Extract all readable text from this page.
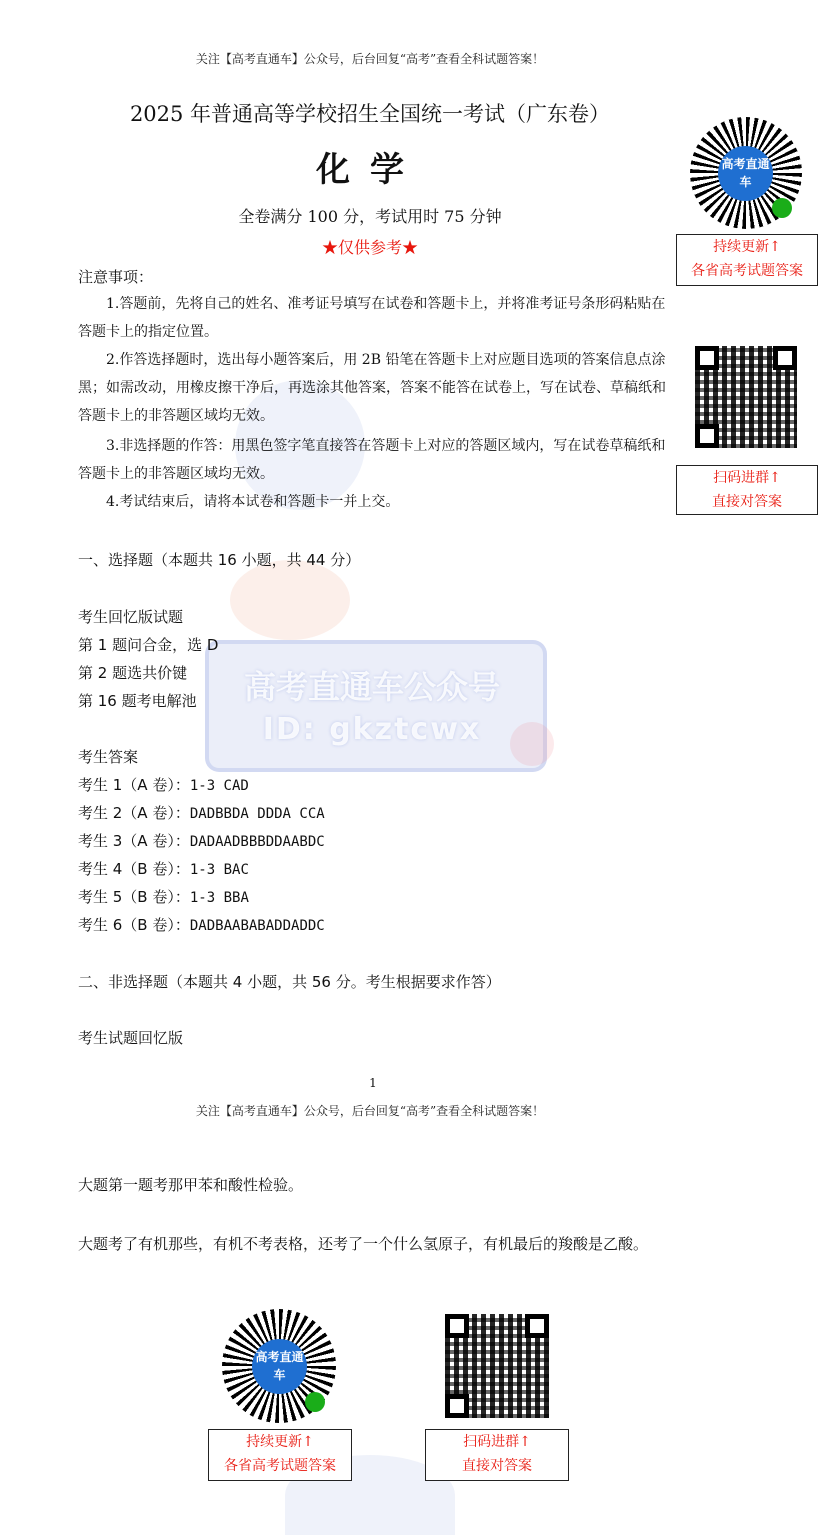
关注【高考直通车】公众号，后台回复“高考”查看全科试题答案！
2025 年普通高等学校招生全国统一考试（广东卷）
化学
全卷满分 100 分，考试用时 75 分钟
★仅供参考★
高考直通车公众号
ID: gkztcwx
注意事项：
1.答题前，先将自己的姓名、准考证号填写在试卷和答题卡上，并将准考证号条形码粘贴在答题卡上的指定位置。
2.作答选择题时，选出每小题答案后，用 2B 铅笔在答题卡上对应题目选项的答案信息点涂黑；如需改动，用橡皮擦干净后，再选涂其他答案，答案不能答在试卷上，写在试卷、草稿纸和答题卡上的非答题区域均无效。
3.非选择题的作答：用黑色签字笔直接答在答题卡上对应的答题区域内，写在试卷草稿纸和答题卡上的非答题区域均无效。
4.考试结束后，请将本试卷和答题卡一并上交。
一、选择题（本题共 16 小题，共 44 分）
考生回忆版试题
第 1 题问合金，选 D
第 2 题选共价键
第 16 题考电解池
考生答案
考生 1（A 卷）：1-3 CAD
考生 2（A 卷）：DADBBDA DDDA CCA
考生 3（A 卷）：DADAADBBBDDAABDC
考生 4（B 卷）：1-3 BAC
考生 5（B 卷）：1-3 BBA
考生 6（B 卷）：DADBAABABADDADDC
二、非选择题（本题共 4 小题，共 56 分。考生根据要求作答）
考生试题回忆版
1
关注【高考直通车】公众号，后台回复“高考”查看全科试题答案！
大题第一题考那甲苯和酸性检验。
大题考了有机那些，有机不考表格，还考了一个什么氢原子，有机最后的羧酸是乙酸。
高考直通车
持续更新↑
各省高考试题答案
扫码进群↑
直接对答案
高考直通车
持续更新↑
各省高考试题答案
扫码进群↑
直接对答案
